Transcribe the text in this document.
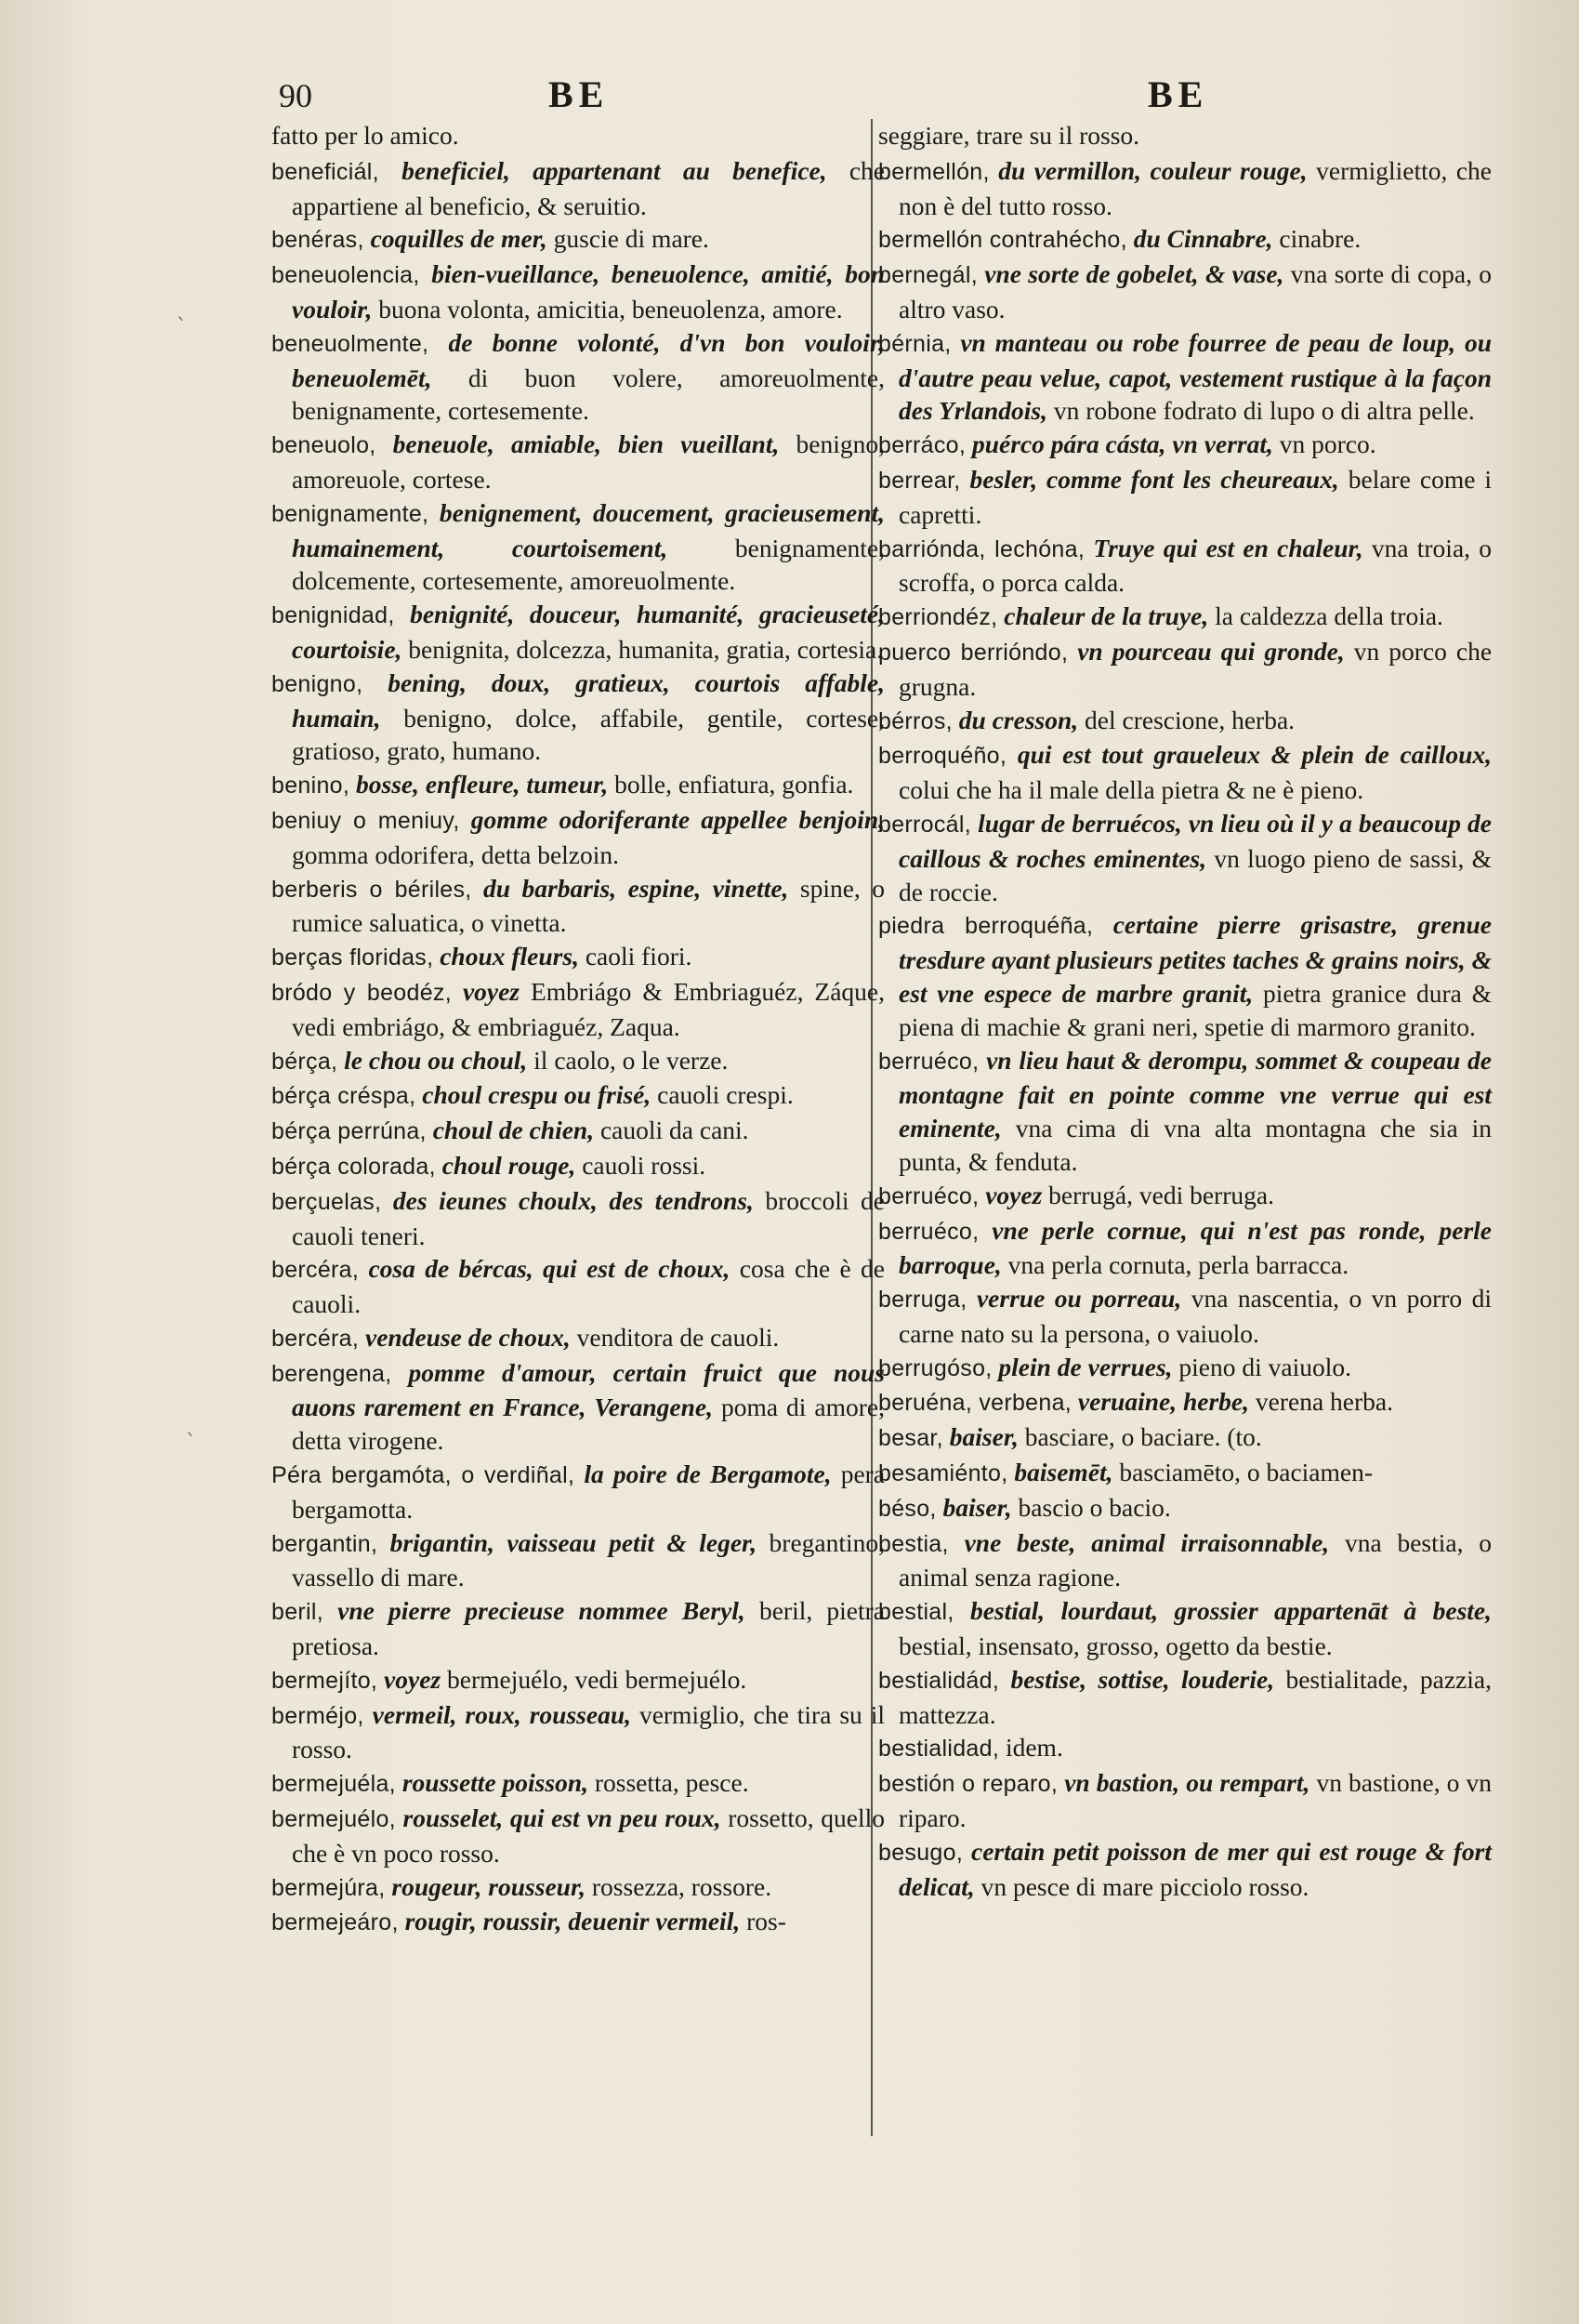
90	BE	BE

fatto per lo amico.

beneficiál, beneficiel, appartenant au benefice, che appartiene al beneficio, & seruitio.

benéras, coquilles de mer, guscie di mare.

beneuolencia, bien-vueillance, beneuolence, amitié, bon vouloir, buona volonta, amicitia, beneuolenza, amore.

beneuolmente, de bonne volonté, d'vn bon vouloir, beneuolemēt, di buon volere, amoreuolmente, benignamente, cortesemente.

beneuolo, beneuole, amiable, bien vueillant, benigno, amoreuole, cortese.

benignamente, benignement, doucement, gracieusement, humainement, courtoisement,	benignamente, dolcemente, cortesemente, amoreuolmente.

benignidad, benignité, douceur, humanité, gracieuseté, courtoisie, benignita, dolcezza, humanita, gratia, cortesia.

benigno, bening, doux, gratieux, courtois affable, humain, benigno, dolce, affabile, gentile, cortese, gratioso, grato, humano.

benino, bosse, enfleure, tumeur, bolle, enfiatura, gonfia.

beniuy o meniuy, gomme odoriferante appellee benjoin, gomma odorifera, detta belzoin.

berberis o bériles, du barbaris, espine, vinette, spine, o rumice saluatica, o vinetta.

berças floridas, choux fleurs, caoli fiori.

bródo y beodéz, voyez Embriágo & Embriaguéz, Záque, vedi embriágo, & embriaguéz, Zaqua.

bérça, le chou ou choul, il caolo, o le verze.

bérça créspa, choul crespu ou frisé, cauoli crespi.

bérça perrúna, choul de chien, cauoli da cani.

bérça colorada, choul rouge, cauoli rossi.

berçuelas, des ieunes choulx, des tendrons, broccoli de cauoli teneri.

bercéra, cosa de bércas, qui est de choux, cosa che è de cauoli.

bercéra, vendeuse de choux, venditora de cauoli.

berengena, pomme d'amour, certain fruict que nous auons rarement en France, Verangene, poma di amore, detta virogene.

Péra bergamóta, o verdiñal, la poire de Bergamote, pera bergamotta.

bergantin, brigantin, vaisseau petit & leger, bregantino, vassello di mare.

beril, vne pierre precieuse nommee Beryl, beril, pietra pretiosa.

bermejíto, voyez bermejuélo, vedi bermejuélo.

berméjo, vermeil, roux, rousseau, vermiglio, che tira su il rosso.

bermejuéla, roussette poisson, rossetta, pesce.

bermejuélo, rousselet, qui est vn peu roux, rossetto, quello che è vn poco rosso.

bermejúra, rougeur, rousseur, rossezza, rossore.

bermejeáro, rougir, roussir, deuenir vermeil, ros-

seggiare, trare su il rosso.

bermellón, du vermillon, couleur rouge, vermiglietto, che non è del tutto rosso.

bermellón contrahécho, du Cinnabre, cinabre.

bernegál, vne sorte de gobelet, & vase, vna sorte di copa, o altro vaso.

bérnia, vn manteau ou robe fourree de peau de loup, ou d'autre peau velue, capot, vestement rustique à la façon des Yrlandois, vn robone fodrato di lupo o di altra pelle.

berráco, puérco pára cásta, vn verrat, vn porco.

berrear, besler, comme font les cheureaux, belare come i capretti.

barriónda, lechóna, Truye qui est en chaleur, vna troia, o scroffa, o porca calda.

berriondéz, chaleur de la truye, la caldezza della troia.

puerco berrióndo, vn pourceau qui gronde, vn porco che grugna.

bérros, du cresson, del crescione, herba.

berroquéño, qui est tout graueleux & plein de cailloux, colui che ha il male della pietra & ne è pieno.

berrocál, lugar de berruécos, vn lieu où il y a beaucoup de caillous & roches eminentes, vn luogo pieno de sassi, & de roccie.

piedra berroquéña, certaine pierre grisastre, grenue tresdure ayant plusieurs petites taches & grains noirs, & est vne espece de marbre granit, pietra granice dura & piena di machie & grani neri, spetie di marmoro granito.

berruéco, vn lieu haut & derompu, sommet & coupeau de montagne fait en pointe comme vne verrue qui est eminente, vna cima di vna alta montagna che sia in punta, & fenduta.

berruéco, voyez berrugá, vedi berruga.

berruéco, vne perle cornue, qui n'est pas ronde, perle barroque, vna perla cornuta, perla barracca.

berruga, verrue ou porreau, vna nascentia, o vn porro di carne nato su la persona, o vaiuolo.

berrugóso, plein de verrues, pieno di vaiuolo.

beruéna, verbena, veruaine, herbe, verena herba.

besar, baiser, basciare, o baciare. (to.

besamiénto, baisemēt, basciamēto, o baciamen-

béso, baiser, bascio o bacio.

bestia, vne beste, animal irraisonnable, vna bestia, o animal senza ragione.

bestial, bestial, lourdaut, grossier appartenāt à beste, bestial, insensato, grosso, ogetto da bestie.

bestialidád, bestise, sottise, louderie, bestialitade, pazzia, mattezza.

bestialidad, idem.

bestión o reparo, vn bastion, ou rempart, vn bastione, o vn riparo.

besugo, certain petit poisson de mer qui est rouge & fort delicat, vn pesce di mare picciolo rosso.

ˋ
ˋ
